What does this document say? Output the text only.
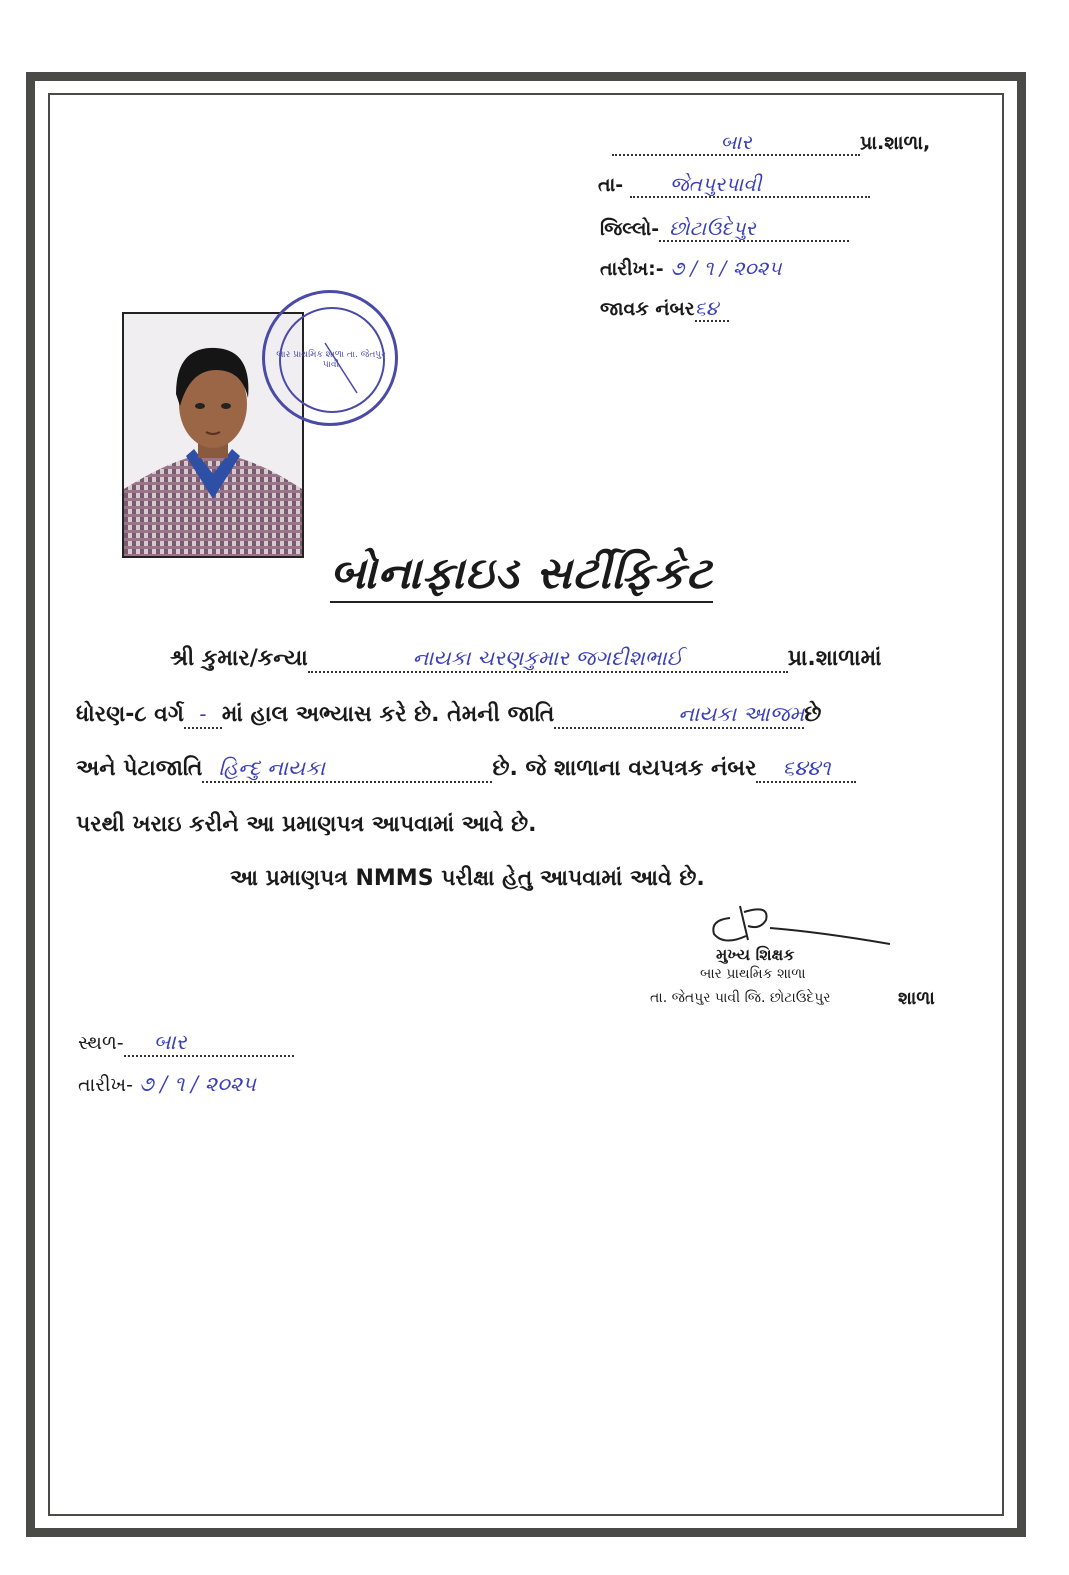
બાર	પ્રા.શાળા,
તા- જેતપુરપાવી
જિલ્લો- છોટાઉદેપુર
તારીખ:- ૭ / ૧ / ૨૦૨૫
જાવક નંબર૬૪
બાર પ્રાથમિક શાળા તા. જેતપુર પાવી
બોનાફાઇડ સર્ટીફિકેટ
શ્રી કુમાર/કન્યા	નાયકા ચરણકુમાર જગદીશભાઈ	પ્રા.શાળામાં
ધોરણ-૮ વર્ગ - માં હાલ અભ્યાસ કરે છે. તેમની જાતિ	નાયકા આજમછે
અને પેટાજાતિ હિન્દુ નાયકા	છે. જે શાળાના વયપત્રક નંબર ૬૪૪૧
પરથી ખરાઇ કરીને આ પ્રમાણપત્ર આપવામાં આવે છે.
આ પ્રમાણપત્ર NMMS પરીક્ષા હેતુ આપવામાં આવે છે.
મુખ્ય શિક્ષક
બાર પ્રાથમિક શાળા
તા. જેતપુર પાવી જિ. છોટાઉદેપુર	શાળા
સ્થળ- બાર
તારીખ- ૭ / ૧ / ૨૦૨૫
